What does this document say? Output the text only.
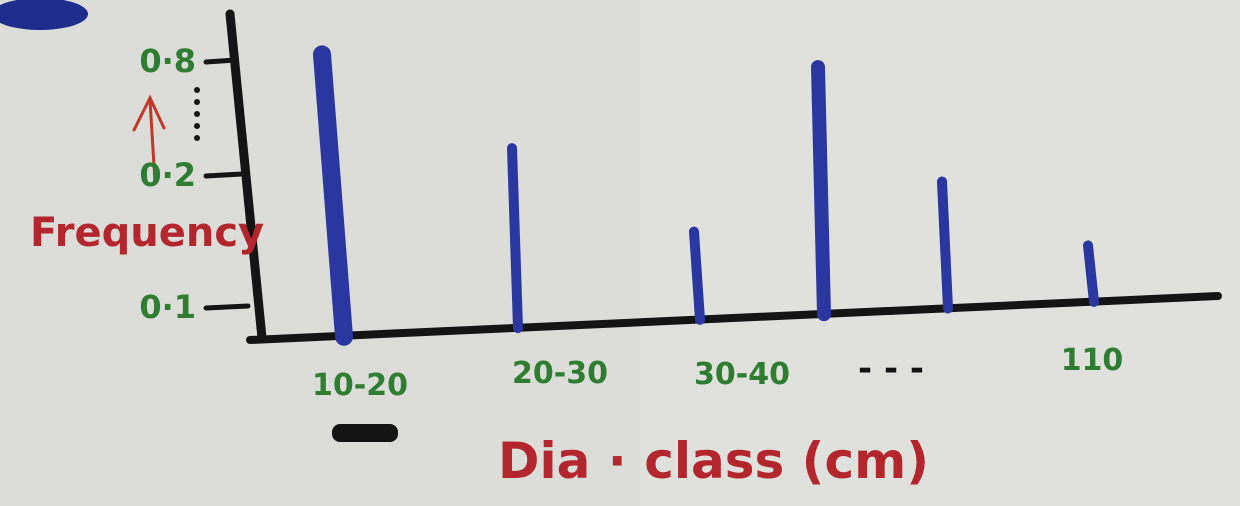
0·1
0·2
0·8
10-20	20-30	30-40	110
- - -
Frequency
Dia · class (cm)
